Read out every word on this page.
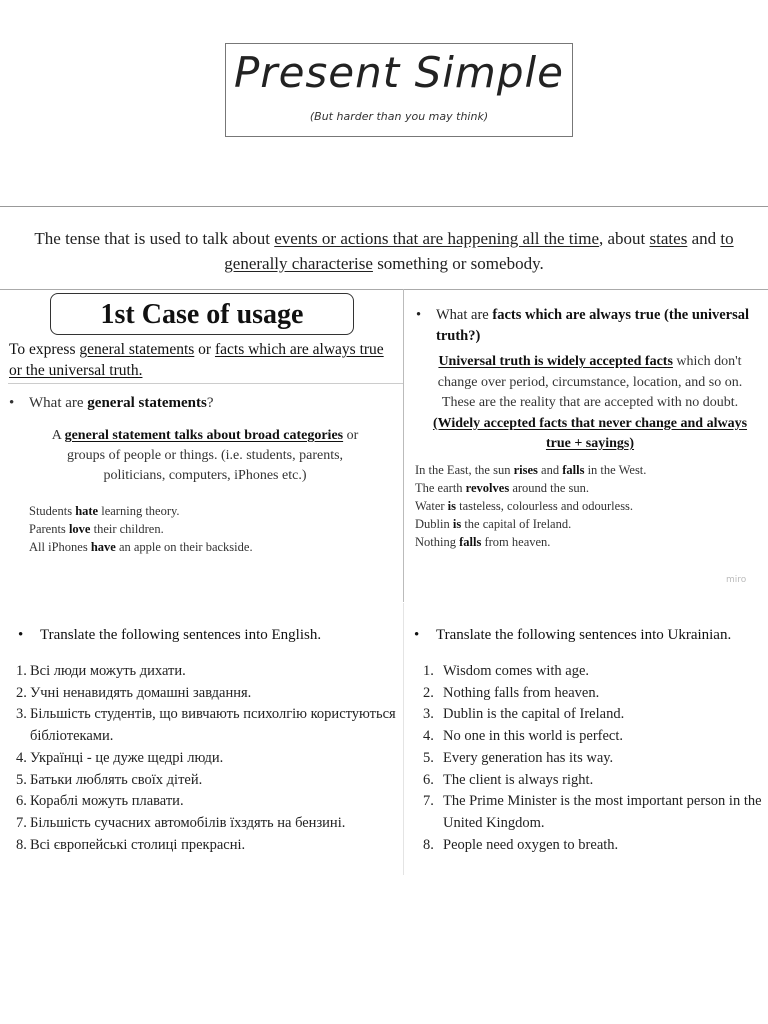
Present Simple
(But harder than you may think)
The tense that is used to talk about events or actions that are happening all the time, about states and to generally characterise something or somebody.
1st Case of usage
To express general statements or facts which are always true or the universal truth.
• What are general statements?
A general statement talks about broad categories or groups of people or things. (i.e. students, parents, politicians, computers, iPhones etc.)
Students hate learning theory.
Parents love their children.
All iPhones have an apple on their backside.
•	What are facts which are always true (the universal truth?)
Universal truth is widely accepted facts which don't change over period, circumstance, location, and so on. These are the reality that are accepted with no doubt. (Widely accepted facts that never change and always true + sayings)
In the East, the sun rises and falls in the West.
The earth revolves around the sun.
Water is tasteless, colourless and odourless.
Dublin is the capital of Ireland.
Nothing falls from heaven.
miro
•	Translate the following sentences into English.
1. Всі люди можуть дихати.
2. Учні ненавидять домашні завдання.
3. Більшість студентів, що вивчають психолгію користуються бібліотеками.
4. Українці - це дуже щедрі люди.
5. Батьки люблять своїх дітей.
6. Кораблі можуть плавати.
7. Більшість сучасних автомобілів їхздять на бензині.
8. Всі європейські столиці прекрасні.
•	Translate the following sentences into Ukrainian.
1. Wisdom comes with age.
2. Nothing falls from heaven.
3. Dublin is the capital of Ireland.
4. No one in this world is perfect.
5. Every generation has its way.
6. The client is always right.
7. The Prime Minister is the most important person in the United Kingdom.
8. People need oxygen to breath.
